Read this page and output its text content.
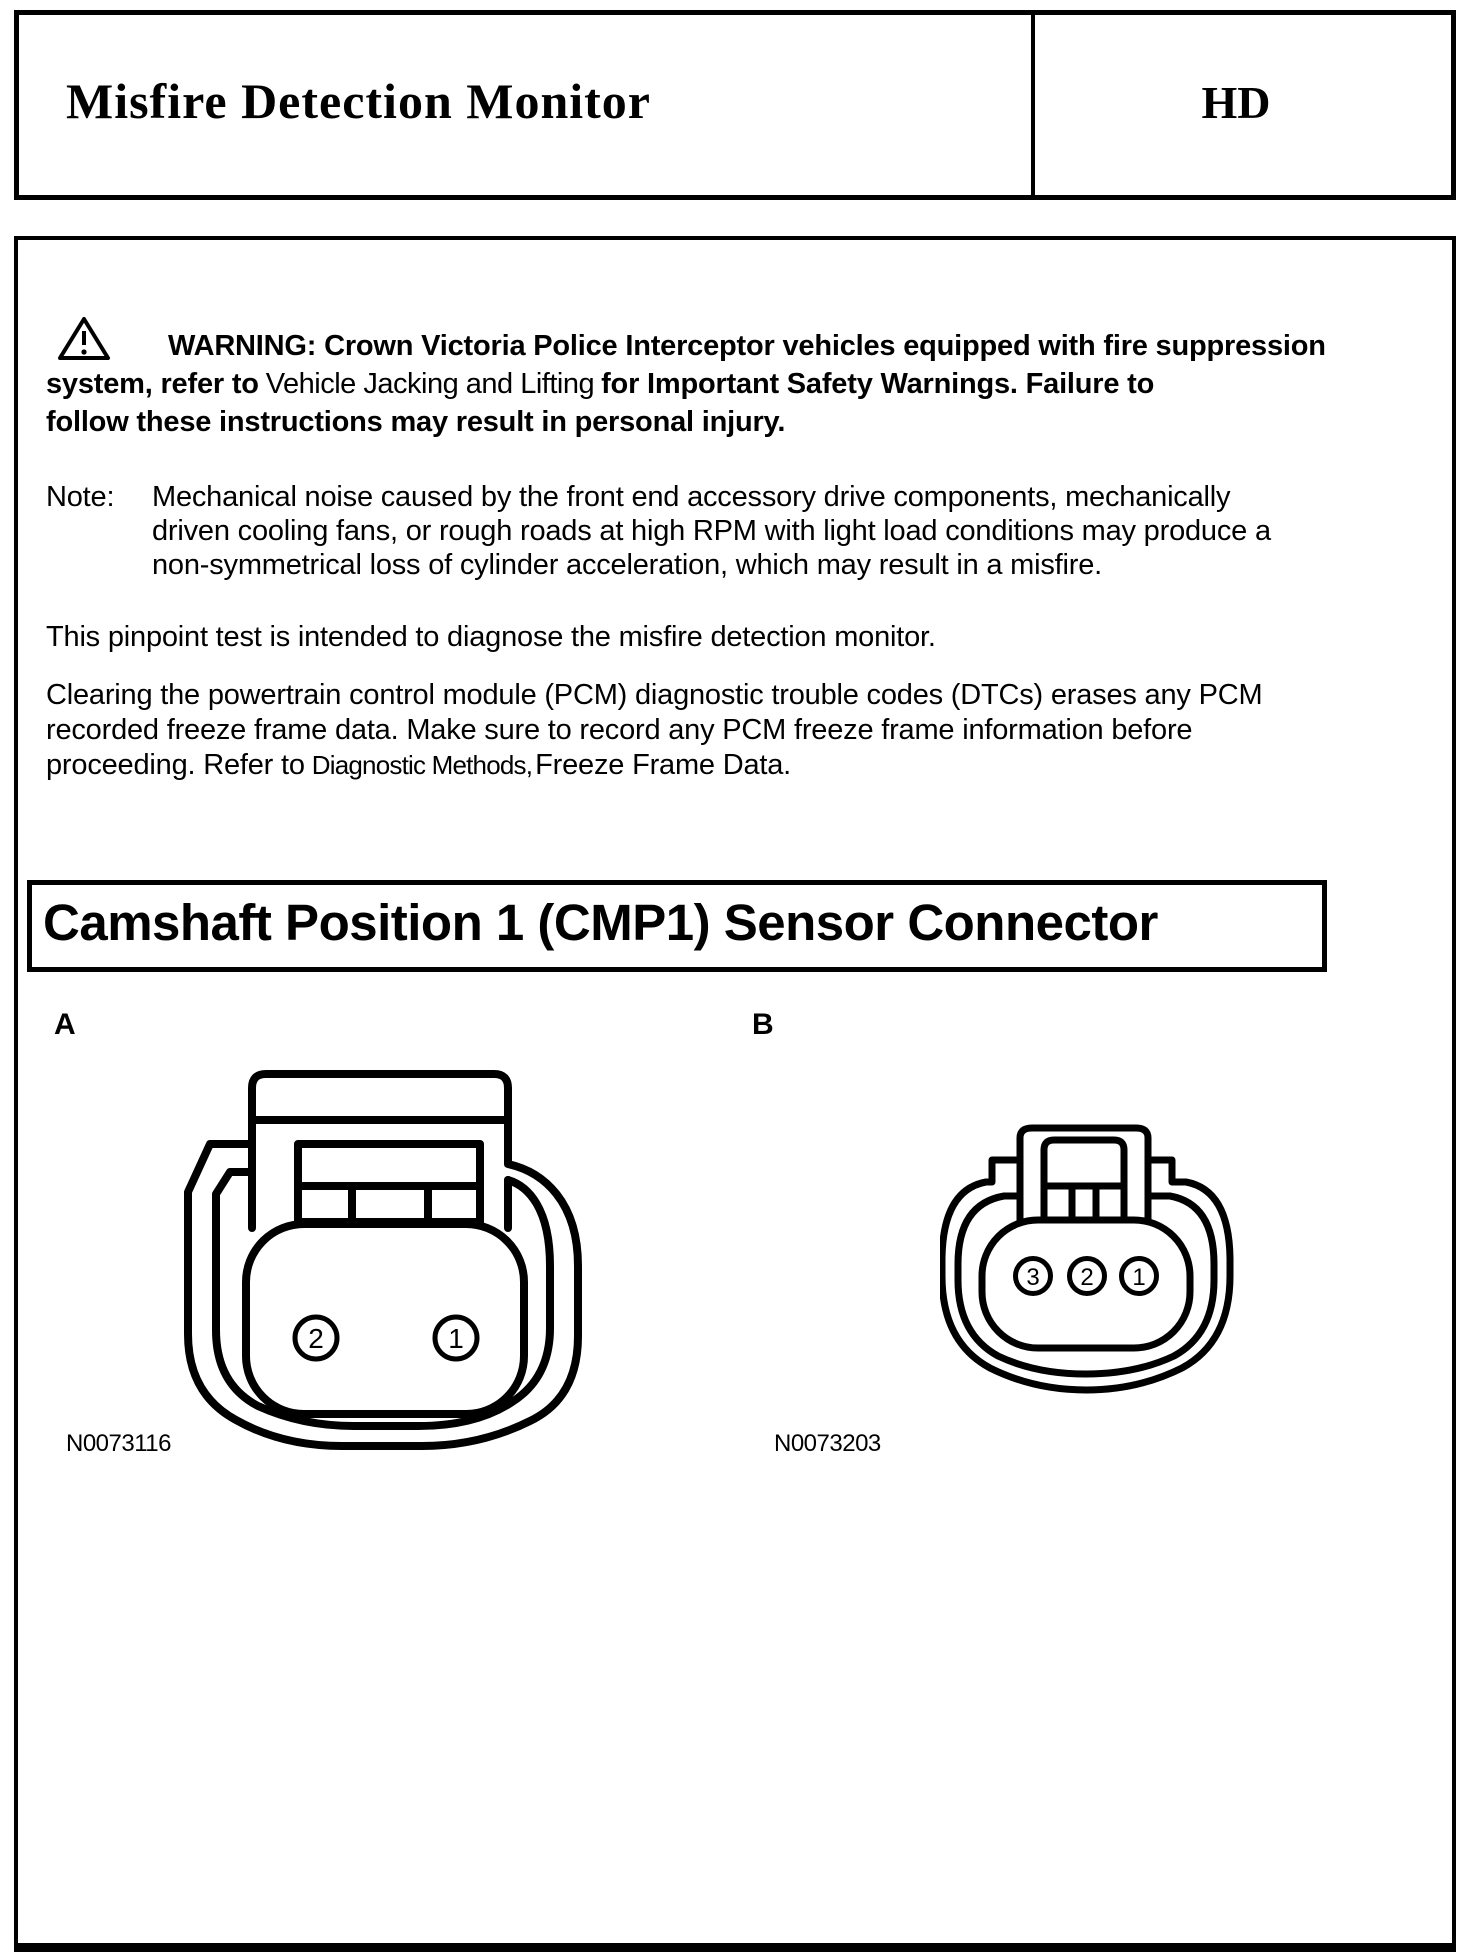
Misfire Detection Monitor	HD
WARNING: Crown Victoria Police Interceptor vehicles equipped with fire suppression
system, refer to Vehicle Jacking and Lifting for Important Safety Warnings. Failure to
follow these instructions may result in personal injury.
Note: Mechanical noise caused by the front end accessory drive components, mechanically
driven cooling fans, or rough roads at high RPM with light load conditions may produce a
non-symmetrical loss of cylinder acceleration, which may result in a misfire.
This pinpoint test is intended to diagnose the misfire detection monitor.
Clearing the powertrain control module (PCM) diagnostic trouble codes (DTCs) erases any PCM
recorded freeze frame data. Make sure to record any PCM freeze frame information before
proceeding. Refer to Diagnostic Methods, Freeze Frame Data.
Camshaft Position 1 (CMP1) Sensor Connector
A	B
2	1
3 2 1
N0073116	N0073203
